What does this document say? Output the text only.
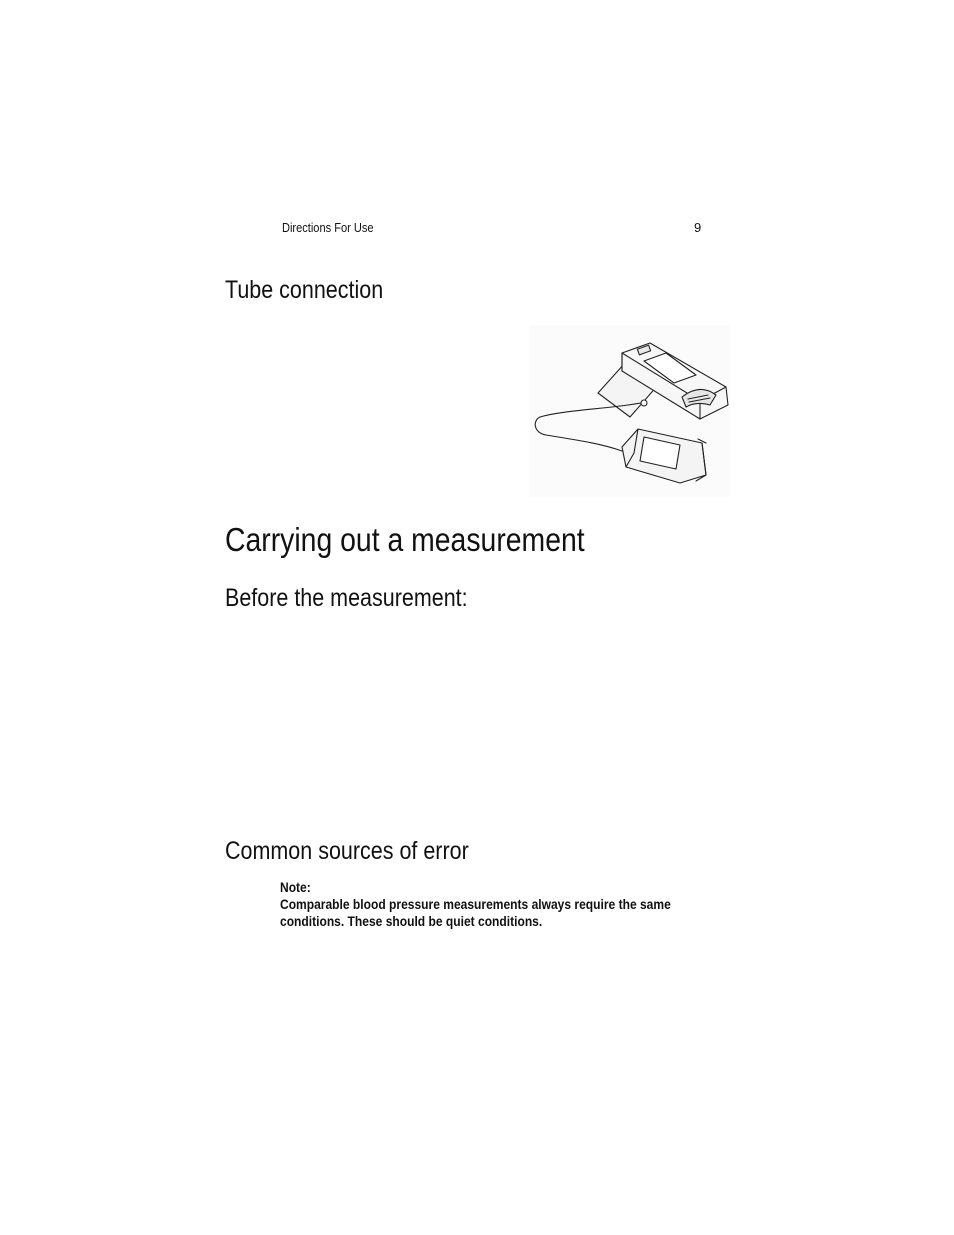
Directions For Use	9
Tube connection
Carrying out a measurement
Before the measurement:
Common sources of error
Note:
Comparable blood pressure measurements always require the same
conditions. These should be quiet conditions.
